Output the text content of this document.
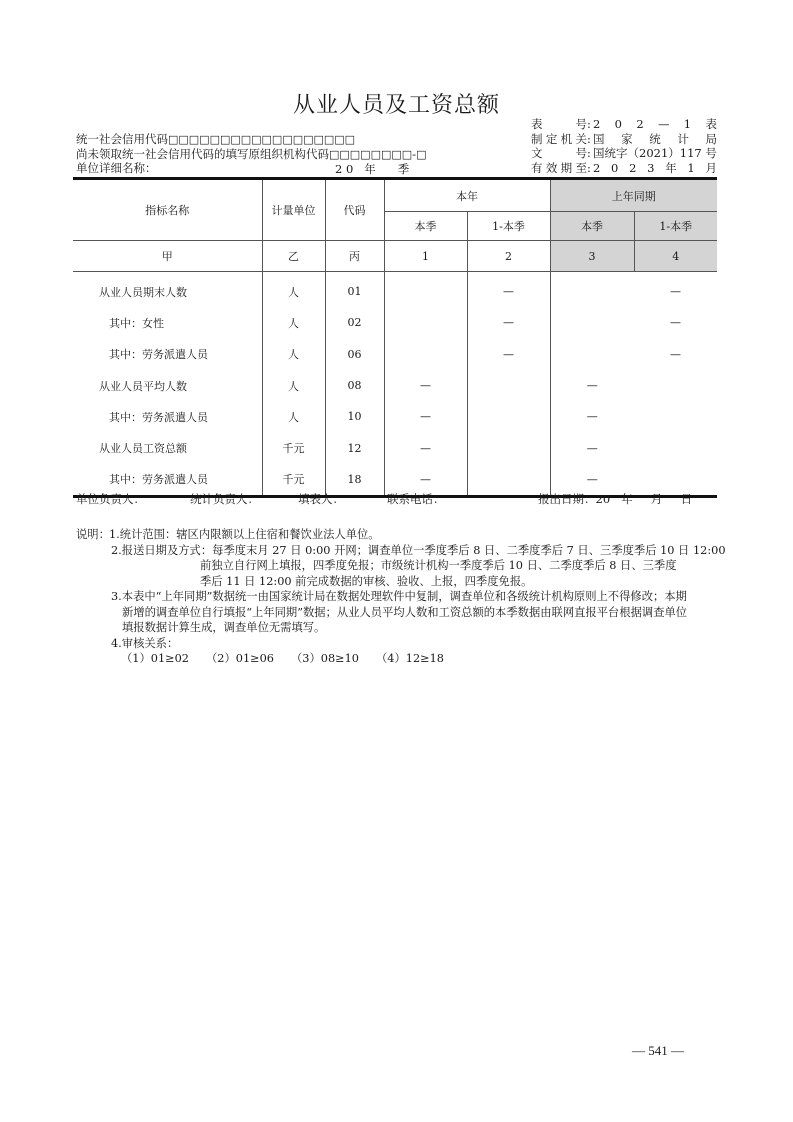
从业人员及工资总额
统一社会信用代码□□□□□□□□□□□□□□□□□□
尚未领取统一社会信用代码的填写原组织机构代码□□□□□□□□-□
单位详细名称：	2 0   年      季
表	号 : 2 0 2 — 1 表
制 定 机 关 : 国 家 统 计 局
文	号 : 国统字（2021）117 号
有 效 期 至 : 2 0 2 3 年 1 月
指标名称	计量单位	代码	本年		上年同期	
			本季	1-本季	本季	1-本季
甲	乙	丙	1	2	3	4
从业人员期末人数	人	01		—		—
其中：女性	人	02		—		—
其中：劳务派遣人员	人	06		—		—
从业人员平均人数	人	08	—		—	
其中：劳务派遣人员	人	10	—		—	
从业人员工资总额	千元	12	—		—	
其中：劳务派遣人员	千元	18	—		—	
单位负责人：	统计负责人：	填表人：	联系电话：	报出日期：20   年     月     日
说明： 1.统计范围：辖区内限额以上住宿和餐饮业法人单位。
2.报送日期及方式：每季度末月 27 日 0:00 开网；调查单位一季度季后 8 日、二季度季后 7 日、三季度季后 10 日 12:00
前独立自行网上填报，四季度免报；市级统计机构一季度季后 10 日、二季度季后 8 日、三季度
季后 11 日 12:00 前完成数据的审核、验收、上报，四季度免报。
3.本表中“上年同期”数据统一由国家统计局在数据处理软件中复制，调查单位和各级统计机构原则上不得修改；本期
新增的调查单位自行填报“上年同期”数据；从业人员平均人数和工资总额的本季数据由联网直报平台根据调查单位
填报数据计算生成，调查单位无需填写。
4.审核关系：
（1）01≥02 （2）01≥06 （3）08≥10 （4）12≥18
— 541 —
